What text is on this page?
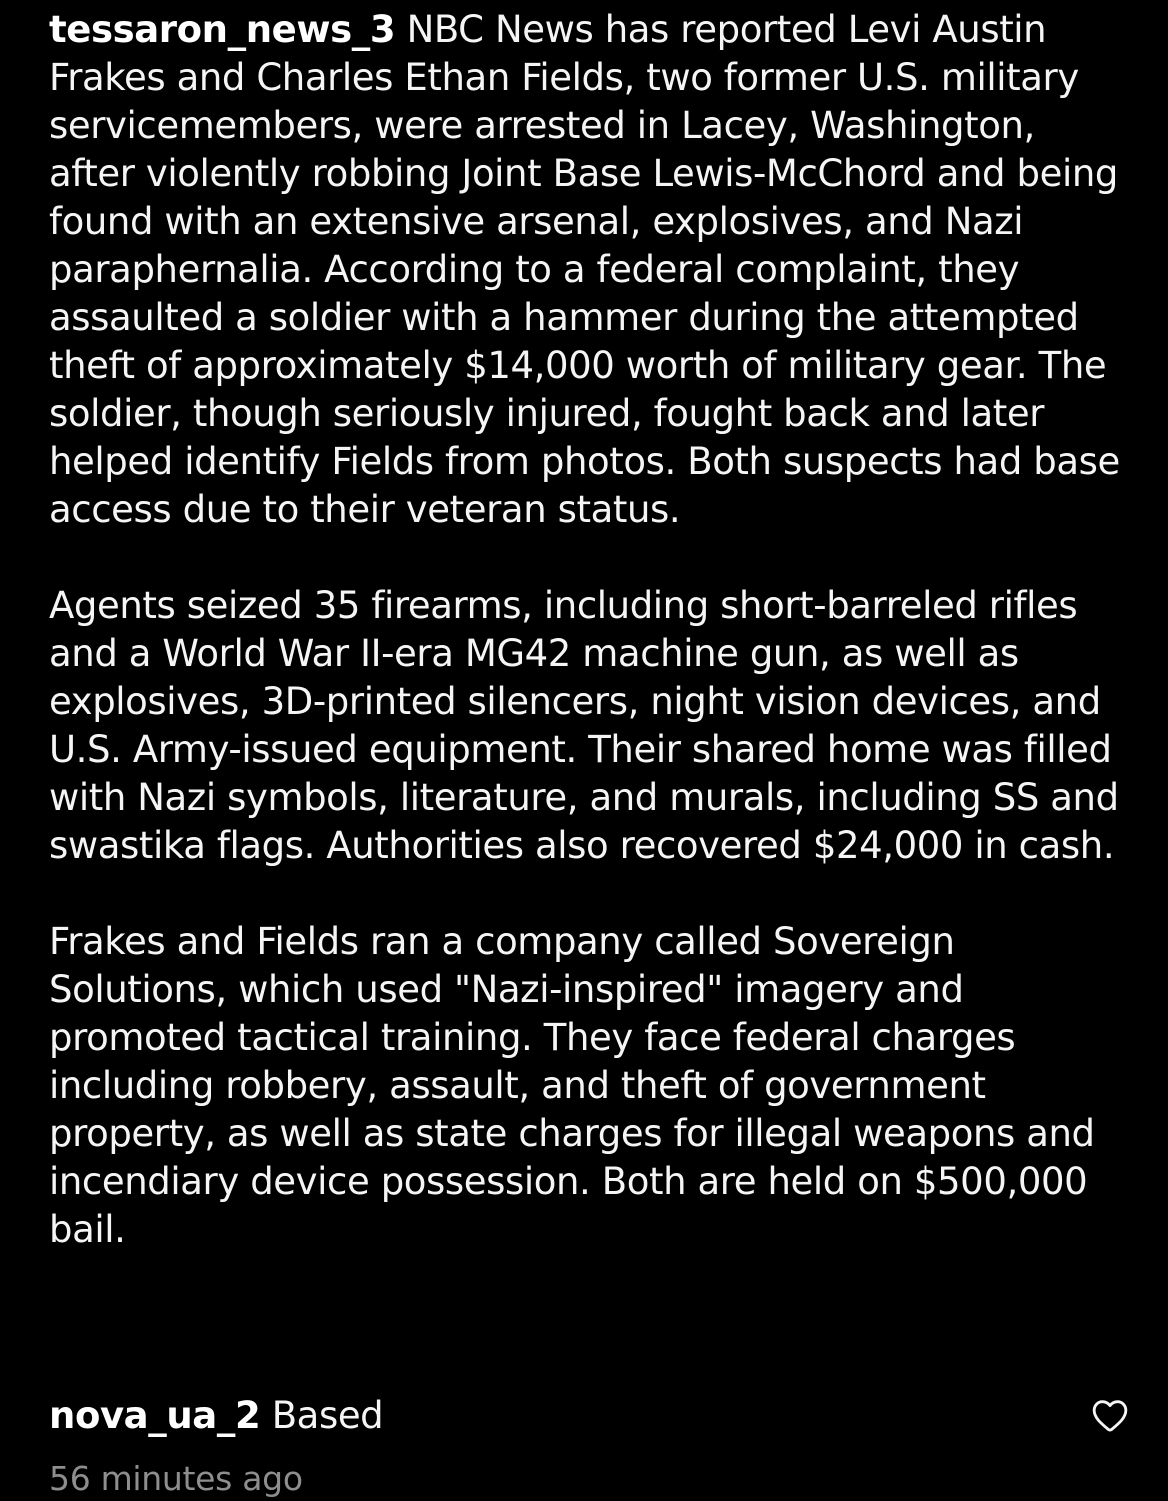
tessaron_news_3 NBC News has reported Levi Austin Frakes and Charles Ethan Fields, two former U.S. military servicemembers, were arrested in Lacey, Washington, after violently robbing Joint Base Lewis-McChord and being found with an extensive arsenal, explosives, and Nazi paraphernalia. According to a federal complaint, they assaulted a soldier with a hammer during the attempted theft of approximately $14,000 worth of military gear. The soldier, though seriously injured, fought back and later helped identify Fields from photos. Both suspects had base access due to their veteran status.

Agents seized 35 firearms, including short-barreled rifles and a World War II-era MG42 machine gun, as well as explosives, 3D-printed silencers, night vision devices, and U.S. Army-issued equipment. Their shared home was filled with Nazi symbols, literature, and murals, including SS and swastika flags. Authorities also recovered $24,000 in cash.

Frakes and Fields ran a company called Sovereign Solutions, which used "Nazi-inspired" imagery and promoted tactical training. They face federal charges including robbery, assault, and theft of government property, as well as state charges for illegal weapons and incendiary device possession. Both are held on $500,000 bail.

nova_ua_2 Based
56 minutes ago
